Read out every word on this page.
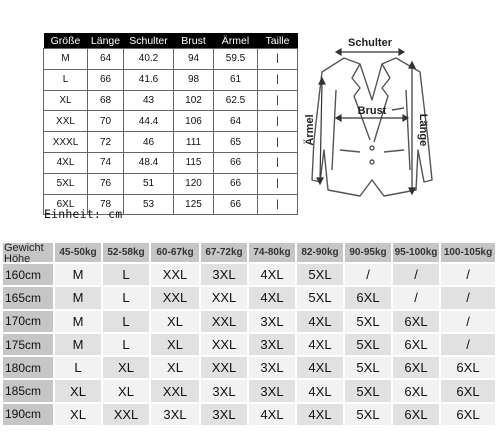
Größe	Länge	Schulter	Brust	Ärmel	Taille
M	64	40.2	94	59.5	|
L	66	41.6	98	61	|
XL	68	43	102	62.5	|
XXL	70	44.4	106	64	|
XXXL	72	46	111	65	|
4XL	74	48.4	115	66	|
5XL	76	51	120	66	|
6XL	78	53	125	66	|
Einheit: cm
Schulter
Brust
Ärmel	Länge
Gewicht
Höhe	45-50kg	52-58kg	60-67kg	67-72kg	74-80kg	82-90kg	90-95kg	95-100kg	100-105kg
160cm	M	L	XXL	3XL	4XL	5XL	/	/	/
165cm	M	L	XXL	XXL	4XL	5XL	6XL	/	/
170cm	M	L	XL	XXL	3XL	4XL	5XL	6XL	/
175cm	M	L	XL	XXL	3XL	4XL	5XL	6XL	/
180cm	L	XL	XL	XXL	3XL	4XL	5XL	6XL	6XL
185cm	XL	XL	XXL	3XL	3XL	4XL	5XL	6XL	6XL
190cm	XL	XXL	3XL	3XL	4XL	4XL	5XL	6XL	6XL
